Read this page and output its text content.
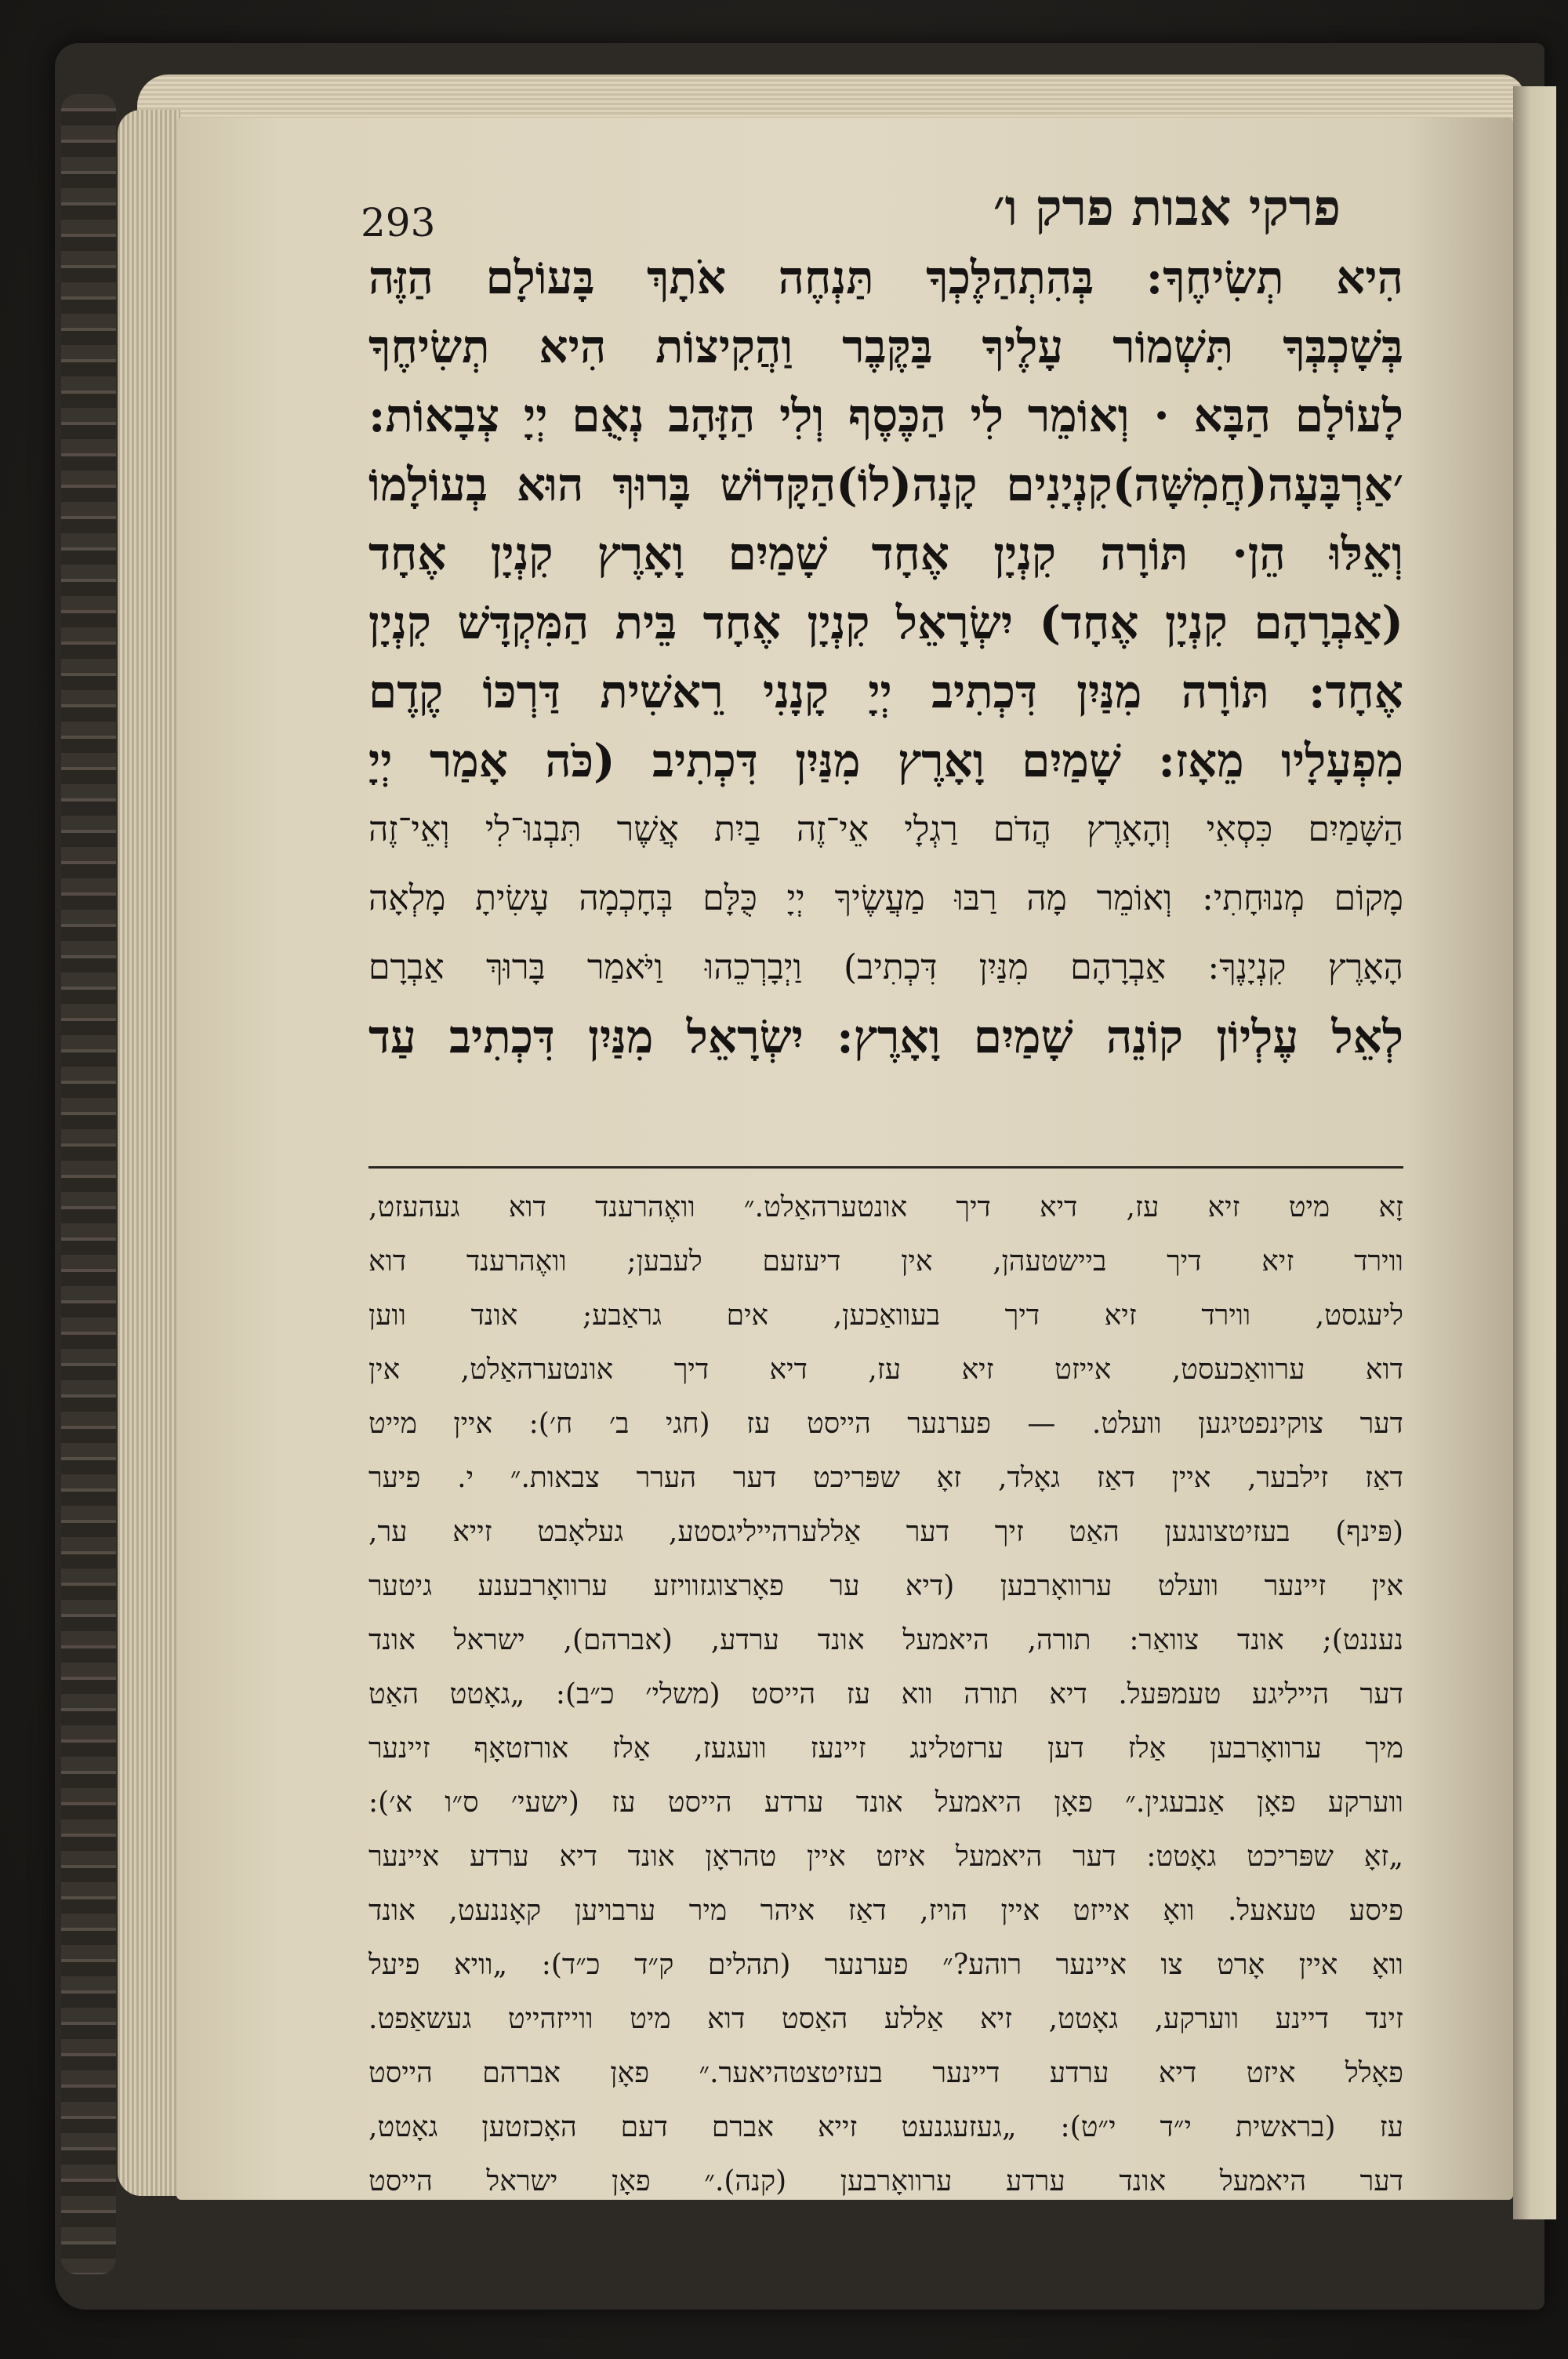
293	פרקי אבות פרק ו׳
הִיא תְשִׂיחֶךָ: בְּהִתְהַלֶּכְךָ תַּנְחֶה אֹתָךְ בָּעוֹלָם הַזֶּה
בְּשָׁכְבְּךָ תִּשְׁמוֹר עָלֶיךָ בַּקֶּבֶר וַהֲקִיצוֹת הִיא תְשִׂיחֶךָ
לָעוֹלָם הַבָּא · וְאוֹמֵר לִי הַכֶּסֶף וְלִי הַזָּהָב נְאֻם יְיָ צְבָאוֹת:
׳אַרְבָּעָה(חֲמִשָּׁה)קִנְיָנִים קָנָה(לוֹ)הַקָּדוֹשׁ בָּרוּךְ הוּא בְעוֹלָמוֹ
וְאֵלּוּ הֵן· תּוֹרָה קִנְיָן אֶחָד שָׁמַיִם וָאָרֶץ קִנְיָן אֶחָד
(אַבְרָהָם קִנְיָן אֶחָד) יִשְׂרָאֵל קִנְיָן אֶחָד בֵּית הַמִּקְדָּשׁ קִנְיָן
אֶחָד: תּוֹרָה מִנַּיִן דִּכְתִיב יְיָ קָנָנִי רֵאשִׁית דַּרְכּוֹ קֶדֶם
מִפְעָלָיו מֵאָז: שָׁמַיִם וָאָרֶץ מִנַּיִן דִּכְתִיב (כֹּה אָמַר יְיָ
הַשָּׁמַיִם כִּסְאִי וְהָאָרֶץ הֲדֹם רַגְלָי אֵי־זֶה בַיִת אֲשֶׁר תִּבְנוּ־לִי וְאֵי־זֶה
מָקוֹם מְנוּחָתִי: וְאוֹמֵר מָה רַבּוּ מַעֲשֶׂיךָ יְיָ כֻּלָּם בְּחָכְמָה עָשִׂיתָ מָלְאָה
הָאָרֶץ קִנְיָנֶךָ: אַבְרָהָם מִנַּיִן דִּכְתִיב) וַיְבָרְכֵהוּ וַיֹּאמַר בָּרוּךְ אַבְרָם
לְאֵל עֶלְיוֹן קוֹנֵה שָׁמַיִם וָאָרֶץ: יִשְׂרָאֵל מִנַּיִן דִּכְתִיב עַד
זָא מיט זיא עז, דיא דיך אונטערהאַלט.״ וואֶהרענד דוא געהעזט,
ווירד זיא דיך ביישטעהן, אין דיעזעם לעבען; וואֶהרענד דוא
ליעגסט, ווירד זיא דיך בעוואַכען, אים גראַבע; אונד ווען
דוא ערוואַכעסט, אייזט זיא עז, דיא דיך אונטערהאַלט, אין
דער צוקינפטיגען וועלט. — פערנער הייסט עז (חגי ב׳ ח׳): איין מייט
דאַז זילבער, איין דאַז גאָלד, זאָ שפּריכט דער הערר צבאות.״ י. פיער
(פּינף) בעזיטצונגען האַט זיך דער אַללערהייליגסטע, געלאָבט זייא ער,
אין זיינער וועלט ערוואָרבען (דיא ער פאָרצוגזוויזע ערוואָרבענע גיטער
נעננט); אונד צוואַר: תורה, היאמעל אונד ערדע, (אברהם), ישראל אונד
דער הייליגע טעמפּעל. דיא תורה ווא עז הייסט (משלי׳ כ״ב): „גאָטט האַט
מיך ערוואָרבען אַלז דען ערזטלינג זיינעז וועגעז, אַלז אורזטאָף זיינער
ווערקע פאָן אַנבעגין.״ פאָן היאמעל אונד ערדע הייסט עז (ישעי׳ ס״ו א׳):
„זאָ שפּריכט גאָטט: דער היאמעל איזט איין טהראָן אונד דיא ערדע איינער
פיסע טעאעל. וואָ אייזט איין הויז, דאַז איהר מיר ערבויען קאָננעט, אונד
וואָ איין אָרט צו איינער רוהע?״ פערנער (תהלים ק״ד כ״ד): „וויא פיעל
זינד דיינע ווערקע, גאָטט, זיא אַללע האַסט דוא מיט ווייזהייט געשאַפט.
פאָלל איזט דיא ערדע דיינער בעזיטצטהיאער.״ פאָן אברהם הייסט
עז (בראשית י״ד י״ט): „געזעגנעט זייא אברם דעם האָכזטען גאָטט,
דער היאמעל אונד ערדע ערוואָרבען (קנה).״ פאָן ישראל הייסט
